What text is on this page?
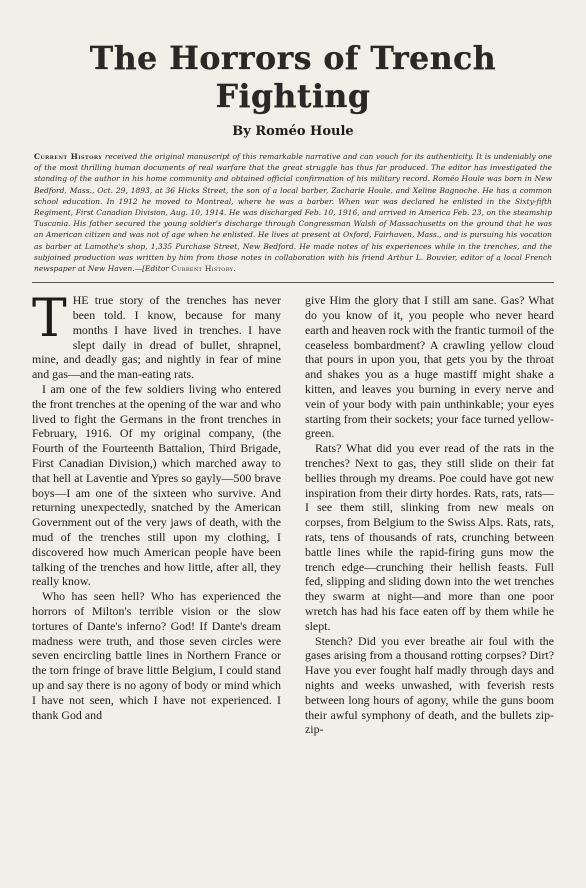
The Horrors of Trench Fighting
By Roméo Houle
Current History received the original manuscript of this remarkable narrative and can vouch for its authenticity. It is undeniably one of the most thrilling human documents of real warfare that the great struggle has thus far produced. The editor has investigated the standing of the author in his home community and obtained official confirmation of his military record. Roméo Houle was born in New Bedford, Mass., Oct. 29, 1893, at 36 Hicks Street, the son of a local barber, Zacharie Houle, and Xeline Bagnoche. He has a common school education. In 1912 he moved to Montreal, where he was a barber. When war was declared he enlisted in the Sixty-fifth Regiment, First Canadian Division, Aug. 10, 1914. He was discharged Feb. 10, 1916, and arrived in America Feb. 23, on the steamship Tuscania. His father secured the young soldier's discharge through Congressman Walsh of Massachusetts on the ground that he was an American citizen and was not of age when he enlisted. He lives at present at Oxford, Fairhaven, Mass., and is pursuing his vocation as barber at Lamothe's shop, 1,335 Purchase Street, New Bedford. He made notes of his experiences while in the trenches, and the subjoined production was written by him from those notes in collaboration with his friend Arthur L. Bouvier, editor of a local French newspaper at New Haven.—[Editor Current History.

THE true story of the trenches has never been told. I know, because for many months I have lived in trenches. I have slept daily in dread of bullet, shrapnel, mine, and deadly gas; and nightly in fear of mine and gas—and the man-eating rats.

I am one of the few soldiers living who entered the front trenches at the opening of the war and who lived to fight the Germans in the front trenches in February, 1916. Of my original company, (the Fourth of the Fourteenth Battalion, Third Brigade, First Canadian Division,) which marched away to that hell at Laventie and Ypres so gayly—500 brave boys—I am one of the sixteen who survive. And returning unexpectedly, snatched by the American Government out of the very jaws of death, with the mud of the trenches still upon my clothing, I discovered how much American people have been talking of the trenches and how little, after all, they really know.

Who has seen hell? Who has experienced the horrors of Milton's terrible vision or the slow tortures of Dante's inferno? God! If Dante's dream madness were truth, and those seven circles were seven encircling battle lines in Northern France or the torn fringe of brave little Belgium, I could stand up and say there is no agony of body or mind which I have not seen, which I have not experienced. I thank God and

give Him the glory that I still am sane. Gas? What do you know of it, you people who never heard earth and heaven rock with the frantic turmoil of the ceaseless bombardment? A crawling yellow cloud that pours in upon you, that gets you by the throat and shakes you as a huge mastiff might shake a kitten, and leaves you burning in every nerve and vein of your body with pain unthinkable; your eyes starting from their sockets; your face turned yellow-green.

Rats? What did you ever read of the rats in the trenches? Next to gas, they still slide on their fat bellies through my dreams. Poe could have got new inspiration from their dirty hordes. Rats, rats, rats—I see them still, slinking from new meals on corpses, from Belgium to the Swiss Alps. Rats, rats, rats, tens of thousands of rats, crunching between battle lines while the rapid-firing guns mow the trench edge—crunching their hellish feasts. Full fed, slipping and sliding down into the wet trenches they swarm at night—and more than one poor wretch has had his face eaten off by them while he slept.

Stench? Did you ever breathe air foul with the gases arising from a thousand rotting corpses? Dirt? Have you ever fought half madly through days and nights and weeks unwashed, with feverish rests between long hours of agony, while the guns boom their awful symphony of death, and the bullets zip-zip-
